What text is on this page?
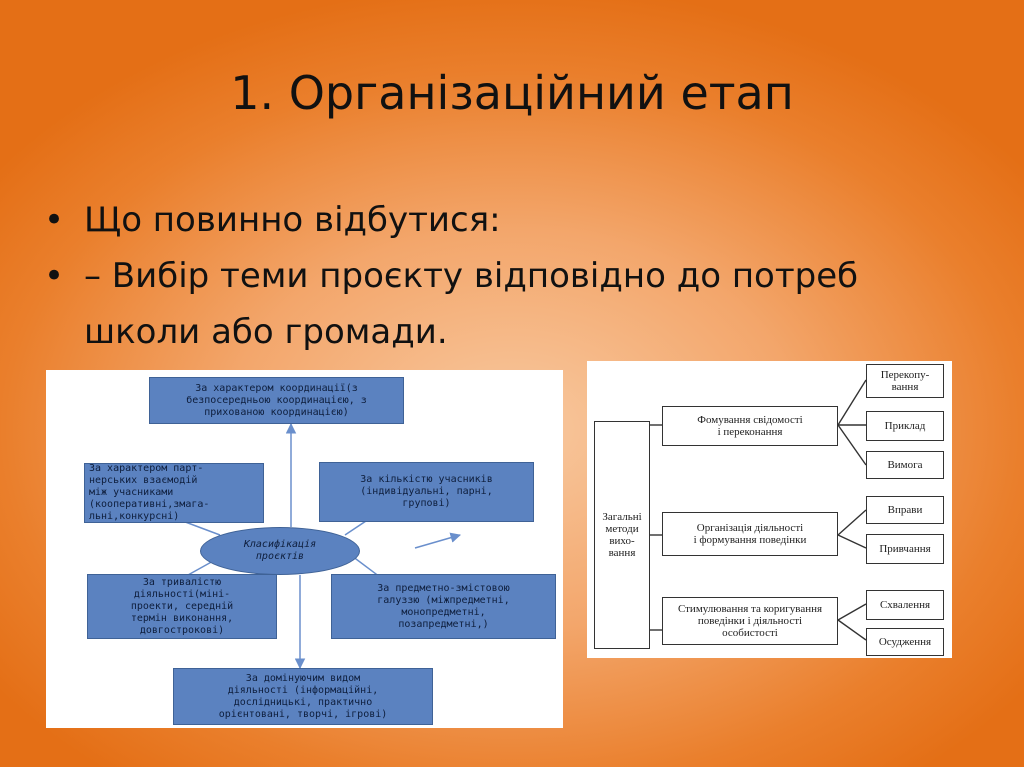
1. Організаційний етап
• Що повинно відбутися:
• – Вибір теми проєкту відповідно до потреб школи або громади.
За характером координації(з
безпосередньою координацією, з
прихованою координацією)
За характером парт-
нерських взаємодій
між учасниками
(кооперативні,змага-
льні,конкурсні)
За кількістю учасників
(індивідуальні, парні,
групові)
За тривалістю
діяльності(міні-
проекти, середній
термін виконання,
довгострокові)
За предметно-змістовою
галуззю (міжпредметні,
монопредметні,
позапредметні,)
За домінуючим видом
діяльності (інформаційні,
дослідницькі, практично
орієнтовані, творчі, ігрові)
Класифікація
проєктів
Загальні
методи
вихо-
вання
Фомування свідомості
і переконання
Організація діяльності
і формування поведінки
Стимулювання та коригування
поведінки і діяльності
особистості
Перекопу-
вання
Приклад
Вимога
Вправи
Привчання
Схвалення
Осудження
